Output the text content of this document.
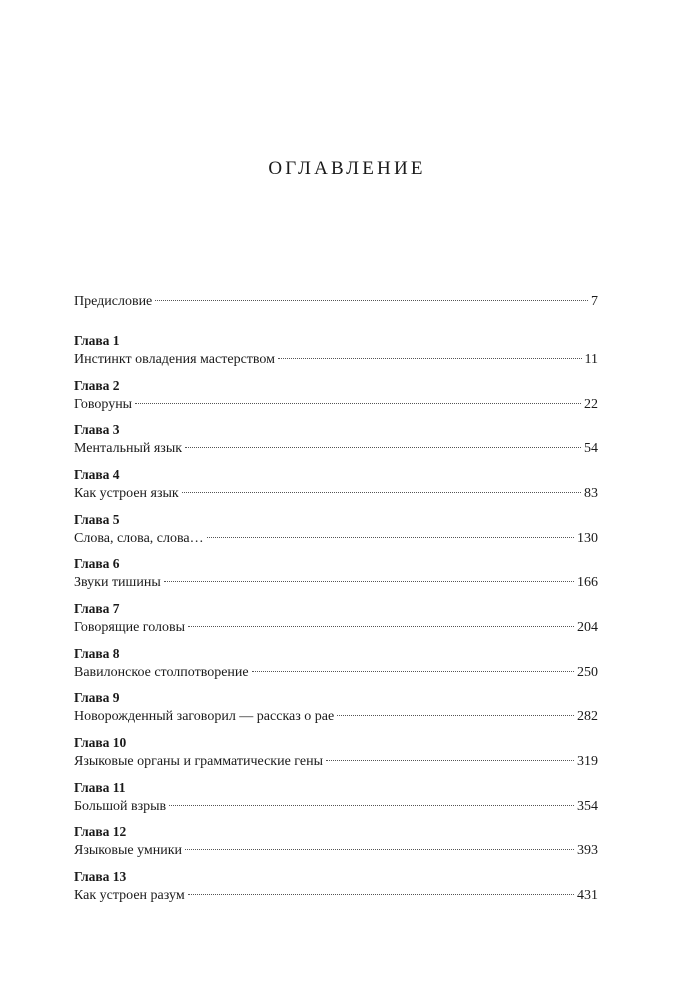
ОГЛАВЛЕНИЕ
Предисловие	7
Глава 1
Инстинкт овладения мастерством	11
Глава 2
Говоруны	22
Глава 3
Ментальный язык	54
Глава 4
Как устроен язык	83
Глава 5
Слова, слова, слова…	130
Глава 6
Звуки тишины	166
Глава 7
Говорящие головы	204
Глава 8
Вавилонское столпотворение	250
Глава 9
Новорожденный заговорил — рассказ о рае	282
Глава 10
Языковые органы и грамматические гены	319
Глава 11
Большой взрыв	354
Глава 12
Языковые умники	393
Глава 13
Как устроен разум	431
